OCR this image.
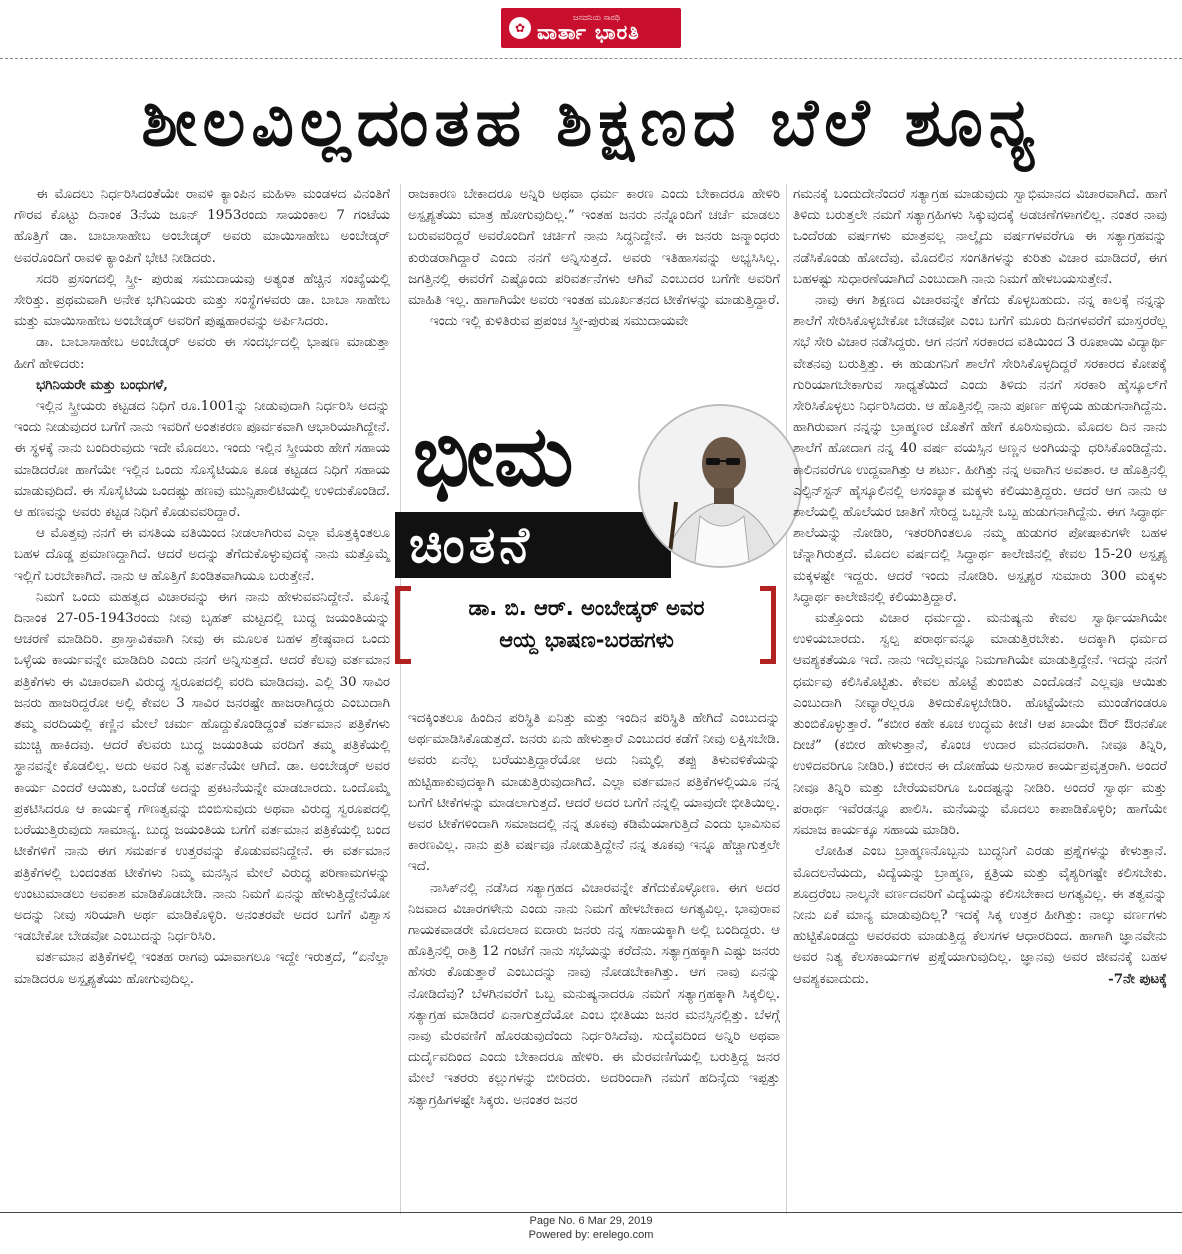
✿
ಜನದನಿಯ ಸಾರಥಿ
ವಾರ್ತಾ ಭಾರತಿ

ಶೀಲವಿಲ್ಲದಂತಹ ಶಿಕ್ಷಣದ ಬೆಲೆ ಶೂನ್ಯ

ಈ ಮೊದಲು ನಿರ್ಧರಿಸಿದಂತೆಯೇ ರಾವಳಿ ಕ್ಯಾಂಪಿನ ಮಹಿಳಾ ಮಂಡಳದ ವಿನಂತಿಗೆ ಗೌರವ ಕೊಟ್ಟು ದಿನಾಂಕ 3ನೆಯ ಜೂನ್ 1953ರಂದು ಸಾಯಂಕಾಲ 7 ಗಂಟೆಯ ಹೊತ್ತಿಗೆ ಡಾ. ಬಾಬಾಸಾಹೇಬ ಅಂಬೇಡ್ಕರ್ ಅವರು ಮಾಯಿಸಾಹೇಬ ಅಂಬೇಡ್ಕರ್ ಅವರೊಂದಿಗೆ ರಾವಳಿ ಕ್ಯಾಂಪಿಗೆ ಭೇಟಿ ನೀಡಿದರು.

ಸದರಿ ಪ್ರಸಂಗದಲ್ಲಿ ಸ್ತ್ರೀ- ಪುರುಷ ಸಮುದಾಯವು ಅತ್ಯಂತ ಹೆಚ್ಚಿನ ಸಂಖ್ಯೆಯಲ್ಲಿ ಸೇರಿತ್ತು. ಪ್ರಥಮವಾಗಿ ಅನೇಕ ಭಗಿನಿಯರು ಮತ್ತು ಸಂಸ್ಥೆಗಳವರು ಡಾ. ಬಾಬಾ ಸಾಹೇಬ ಮತ್ತು ಮಾಯಿಸಾಹೇಬ ಅಂಬೇಡ್ಕರ್ ಅವರಿಗೆ ಪುಷ್ಪಹಾರವನ್ನು ಅರ್ಪಿಸಿದರು.

ಡಾ. ಬಾಬಾಸಾಹೇಬ ಅಂಬೇಡ್ಕರ್ ಅವರು ಈ ಸಂದರ್ಭದಲ್ಲಿ ಭಾಷಣ ಮಾಡುತ್ತಾ ಹೀಗೆ ಹೇಳಿದರು:

ಭಗಿನಿಯರೇ ಮತ್ತು ಬಂಧುಗಳೆ,

ಇಲ್ಲಿನ ಸ್ತ್ರೀಯರು ಕಟ್ಟಡದ ನಿಧಿಗೆ ರೂ.1001ನ್ನು ನೀಡುವುದಾಗಿ ನಿರ್ಧರಿಸಿ ಅದನ್ನು ಇಂದು ನೀಡುವುದರ ಬಗೆಗೆ ನಾನು ಇವರಿಗೆ ಅಂತಃಕರಣ ಪೂರ್ವಕವಾಗಿ ಆಭಾರಿಯಾಗಿದ್ದೇನೆ. ಈ ಸ್ಥಳಕ್ಕೆ ನಾನು ಬಂದಿರುವುದು ಇದೇ ಮೊದಲು. ಇಂದು ಇಲ್ಲಿನ ಸ್ತ್ರೀಯರು ಹೇಗೆ ಸಹಾಯ ಮಾಡಿದರೋ ಹಾಗೆಯೇ ಇಲ್ಲಿನ ಒಂದು ಸೊಸೈಟಿಯೂ ಕೂಡ ಕಟ್ಟಡದ ನಿಧಿಗೆ ಸಹಾಯ ಮಾಡುವುದಿದೆ. ಈ ಸೊಸೈಟಿಯ ಒಂದಷ್ಟು ಹಣವು ಮುನ್ಸಿಪಾಲಿಟಿಯಲ್ಲಿ ಉಳಿದುಕೊಂಡಿದೆ. ಆ ಹಣವನ್ನು ಅವರು ಕಟ್ಟಡ ನಿಧಿಗೆ ಕೊಡುವವರಿದ್ದಾರೆ.

ಆ ಮೊತ್ತವು ನನಗೆ ಈ ವಸತಿಯ ವತಿಯಿಂದ ನೀಡಲಾಗಿರುವ ಎಲ್ಲಾ ಮೊತ್ತಕ್ಕಿಂತಲೂ ಬಹಳ ದೊಡ್ಡ ಪ್ರಮಾಣದ್ದಾಗಿದೆ. ಆದರೆ ಅದನ್ನು ತೆಗೆದುಕೊಳ್ಳುವುದಕ್ಕೆ ನಾನು ಮತ್ತೊಮ್ಮೆ ಇಲ್ಲಿಗೆ ಬರಬೇಕಾಗಿದೆ. ನಾನು ಆ ಹೊತ್ತಿಗೆ ಖಂಡಿತವಾಗಿಯೂ ಬರುತ್ತೇನೆ.

ನಿಮಗೆ ಒಂದು ಮಹತ್ವದ ವಿಚಾರವನ್ನು ಈಗ ನಾನು ಹೇಳುವವನಿದ್ದೇನೆ. ಮೊನ್ನೆ ದಿನಾಂಕ 27-05-1943ರಂದು ನೀವು ಬೃಹತ್ ಮಟ್ಟದಲ್ಲಿ ಬುದ್ಧ ಜಯಂತಿಯನ್ನು ಆಚರಣೆ ಮಾಡಿದಿರಿ. ಪ್ರಾಸ್ತಾವಿಕವಾಗಿ ನೀವು ಈ ಮೂಲಕ ಬಹಳ ಶ್ರೇಷ್ಠವಾದ ಒಂದು ಒಳ್ಳೆಯ ಕಾರ್ಯವನ್ನೇ ಮಾಡಿದಿರಿ ಎಂದು ನನಗೆ ಅನ್ನಿಸುತ್ತದೆ. ಆದರೆ ಕೆಲವು ವರ್ತಮಾನ ಪತ್ರಿಕೆಗಳು ಈ ವಿಚಾರವಾಗಿ ವಿರುದ್ಧ ಸ್ವರೂಪದಲ್ಲಿ ವರದಿ ಮಾಡಿದವು. ಎಲ್ಲಿ 30 ಸಾವಿರ ಜನರು ಹಾಜರಿದ್ದರೋ ಅಲ್ಲಿ ಕೇವಲ 3 ಸಾವಿರ ಜನರಷ್ಟೇ ಹಾಜರಾಗಿದ್ದರು ಎಂಬುದಾಗಿ ತಮ್ಮ ವರದಿಯಲ್ಲಿ ಕಣ್ಣಿನ ಮೇಲೆ ಚರ್ಮ ಹೊದ್ದುಕೊಂಡಿದ್ದಂತೆ ವರ್ತಮಾನ ಪತ್ರಿಕೆಗಳು ಮುಚ್ಚಿ ಹಾಕಿದವು. ಆದರೆ ಕೆಲವರು ಬುದ್ಧ ಜಯಂತಿಯ ವರದಿಗೆ ತಮ್ಮ ಪತ್ರಿಕೆಯಲ್ಲಿ ಸ್ಥಾನವನ್ನೇ ಕೊಡಲಿಲ್ಲ. ಅದು ಅವರ ನಿತ್ಯ ವರ್ತನೆಯೇ ಆಗಿದೆ. ಡಾ. ಅಂಬೇಡ್ಕರ್ ಅವರ ಕಾರ್ಯ ಎಂದರೆ ಆಯಿತು, ಒಂದೆಡೆ ಅದನ್ನು ಪ್ರಕಟನೆಯನ್ನೇ ಮಾಡಬಾರದು. ಒಂದೊಮ್ಮೆ ಪ್ರಕಟಿಸಿದರೂ ಆ ಕಾರ್ಯಕ್ಕೆ ಗೌಣತ್ವವನ್ನು ಬಿಂಬಿಸುವುದು ಅಥವಾ ವಿರುದ್ಧ ಸ್ವರೂಪದಲ್ಲಿ ಬರೆಯುತ್ತಿರುವುದು ಸಾಮಾನ್ಯ. ಬುದ್ಧ ಜಯಂತಿಯ ಬಗೆಗೆ ವರ್ತಮಾನ ಪತ್ರಿಕೆಯಲ್ಲಿ ಬಂದ ಟೀಕೆಗಳಿಗೆ ನಾನು ಈಗ ಸಮರ್ಪಕ ಉತ್ತರವನ್ನು ಕೊಡುವವನಿದ್ದೇನೆ. ಈ ವರ್ತಮಾನ ಪತ್ರಿಕೆಗಳಲ್ಲಿ ಬಂದಂತಹ ಟೀಕೆಗಳು ನಿಮ್ಮ ಮನಸ್ಸಿನ ಮೇಲೆ ವಿರುದ್ಧ ಪರಿಣಾಮಗಳನ್ನು ಉಂಟುಮಾಡಲು ಅವಕಾಶ ಮಾಡಿಕೊಡಬೇಡಿ. ನಾನು ನಿಮಗೆ ಏನನ್ನು ಹೇಳುತ್ತಿದ್ದೇನೆಯೋ ಅದನ್ನು ನೀವು ಸರಿಯಾಗಿ ಅರ್ಥ ಮಾಡಿಕೊಳ್ಳಿರಿ. ಅನಂತರವೇ ಅದರ ಬಗೆಗೆ ವಿಶ್ವಾಸ ಇಡಬೇಕೋ ಬೇಡವೋ ಎಂಬುದನ್ನು ನಿರ್ಧರಿಸಿರಿ.

ವರ್ತಮಾನ ಪತ್ರಿಕೆಗಳಲ್ಲಿ ಇಂತಹ ರಾಗವು ಯಾವಾಗಲೂ ಇದ್ದೇ ಇರುತ್ತದೆ, “ಏನೆಲ್ಲಾ ಮಾಡಿದರೂ ಅಸ್ಪೃಶ್ಯತೆಯು ಹೋಗುವುದಿಲ್ಲ.

ರಾಜಕಾರಣ ಬೇಕಾದರೂ ಅನ್ನಿರಿ ಅಥವಾ ಧರ್ಮ ಕಾರಣ ಎಂದು ಬೇಕಾದರೂ ಹೇಳಿರಿ ಅಸ್ಪೃಶ್ಯತೆಯು ಮಾತ್ರ ಹೋಗುವುದಿಲ್ಲ.” ಇಂತಹ ಜನರು ನನ್ನೊಂದಿಗೆ ಚರ್ಚೆ ಮಾಡಲು ಬರುವವರಿದ್ದರೆ ಅವರೊಂದಿಗೆ ಚರ್ಚಿಗೆ ನಾನು ಸಿದ್ಧನಿದ್ದೇನೆ. ಈ ಜನರು ಜನ್ಮಾಂಧರು ಕುರುಡರಾಗಿದ್ದಾರೆ ಎಂದು ನನಗೆ ಅನ್ನಿಸುತ್ತದೆ. ಅವರು ಇತಿಹಾಸವನ್ನು ಅಭ್ಯಸಿಸಿಲ್ಲ. ಜಗತ್ತಿನಲ್ಲಿ ಈವರೆಗೆ ಎಷ್ಟೊಂದು ಪರಿವರ್ತನೆಗಳು ಆಗಿವೆ ಎಂಬುದರ ಬಗೆಗೇ ಅವರಿಗೆ ಮಾಹಿತಿ ಇಲ್ಲ. ಹಾಗಾಗಿಯೇ ಅವರು ಇಂತಹ ಮೂರ್ಖತನದ ಟೀಕೆಗಳನ್ನು ಮಾಡುತ್ತಿದ್ದಾರೆ.

ಇಂದು ಇಲ್ಲಿ ಕುಳಿತಿರುವ ಪ್ರಪಂಚ ಸ್ತ್ರೀ-ಪುರುಷ ಸಮುದಾಯವೇ

ಭೀಮ
ಚಿಂತನೆ
ಡಾ. ಬಿ. ಆರ್. ಅಂಬೇಡ್ಕರ್ ಅವರ
ಆಯ್ದ ಭಾಷಣ-ಬರಹಗಳು

ಇದಕ್ಕಿಂತಲೂ ಹಿಂದಿನ ಪರಿಸ್ಥಿತಿ ಏನಿತ್ತು ಮತ್ತು ಇಂದಿನ ಪರಿಸ್ಥಿತಿ ಹೇಗಿದೆ ಎಂಬುದನ್ನು ಅರ್ಥಮಾಡಿಸಿಕೊಡುತ್ತದೆ. ಜನರು ಏನು ಹೇಳುತ್ತಾರೆ ಎಂಬುದರ ಕಡೆಗೆ ನೀವು ಲಕ್ಷಿಸಬೇಡಿ. ಅವರು ಏನೆಲ್ಲ ಬರೆಯುತ್ತಿದ್ದಾರೆಯೋ ಅದು ನಿಮ್ಮಲ್ಲಿ ತಪ್ಪು ತಿಳುವಳಿಕೆಯನ್ನು ಹುಟ್ಟಿಹಾಕುವುದಕ್ಕಾಗಿ ಮಾಡುತ್ತಿರುವುದಾಗಿದೆ. ಎಲ್ಲಾ ವರ್ತಮಾನ ಪತ್ರಿಕೆಗಳಲ್ಲಿಯೂ ನನ್ನ ಬಗೆಗೆ ಟೀಕೆಗಳನ್ನು ಮಾಡಲಾಗುತ್ತದೆ. ಆದರೆ ಅದರ ಬಗೆಗೆ ನನ್ನಲ್ಲಿ ಯಾವುದೇ ಭೀತಿಯಿಲ್ಲ. ಅವರ ಟೀಕೆಗಳಿಂದಾಗಿ ಸಮಾಜದಲ್ಲಿ ನನ್ನ ತೂಕವು ಕಡಿಮೆಯಾಗುತ್ತಿದೆ ಎಂದು ಭಾವಿಸುವ ಕಾರಣವಿಲ್ಲ. ನಾನು ಪ್ರತಿ ವರ್ಷವೂ ನೋಡುತ್ತಿದ್ದೇನೆ ನನ್ನ ತೂಕವು ಇನ್ನೂ ಹೆಚ್ಚಾಗುತ್ತಲೇ ಇದೆ.

ನಾಸಿಕ್‌ನಲ್ಲಿ ನಡೆಸಿದ ಸತ್ಯಾಗ್ರಹದ ವಿಚಾರವನ್ನೇ ತೆಗೆದುಕೊಳ್ಳೋಣ. ಈಗ ಅದರ ನಿಜವಾದ ವಿಚಾರಗಳೇನು ಎಂದು ನಾನು ನಿಮಗೆ ಹೇಳಬೇಕಾದ ಅಗತ್ಯವಿಲ್ಲ. ಭಾವುರಾವ ಗಾಯಕವಾಡರೇ ಮೊದಲಾದ ಐದಾರು ಜನರು ನನ್ನ ಸಹಾಯಕ್ಕಾಗಿ ಅಲ್ಲಿ ಬಂದಿದ್ದರು. ಆ ಹೊತ್ತಿನಲ್ಲಿ ರಾತ್ರಿ 12 ಗಂಟೆಗೆ ನಾನು ಸಭೆಯನ್ನು ಕರೆದೆನು. ಸತ್ಯಾಗ್ರಹಕ್ಕಾಗಿ ಎಷ್ಟು ಜನರು ಹೆಸರು ಕೊಡುತ್ತಾರೆ ಎಂಬುದನ್ನು ನಾವು ನೋಡಬೇಕಾಗಿತ್ತು. ಆಗ ನಾವು ಏನನ್ನು ನೋಡಿದೆವು? ಬೆಳಗಿನವರೆಗೆ ಒಬ್ಬ ಮನುಷ್ಯನಾದರೂ ನಮಗೆ ಸತ್ಯಾಗ್ರಹಕ್ಕಾಗಿ ಸಿಕ್ಕಲಿಲ್ಲ. ಸತ್ಯಾಗ್ರಹ ಮಾಡಿದರೆ ಏನಾಗುತ್ತದೆಯೋ ಎಂಬ ಭೀತಿಯು ಜನರ ಮನಸ್ಸಿನಲ್ಲಿತ್ತು. ಬೆಳಗ್ಗೆ ನಾವು ಮೆರವಣಿಗೆ ಹೊರಡುವುದೆಂದು ನಿರ್ಧರಿಸಿದೆವು. ಸುದೈವದಿಂದ ಅನ್ನಿರಿ ಅಥವಾ ದುರ್ದೈವದಿಂದ ಎಂದು ಬೇಕಾದರೂ ಹೇಳಿರಿ. ಈ ಮೆರವಣಿಗೆಯಲ್ಲಿ ಬರುತ್ತಿದ್ದ ಜನರ ಮೇಲೆ ಇತರರು ಕಲ್ಲುಗಳನ್ನು ಬೀರಿದರು. ಅದರಿಂದಾಗಿ ನಮಗೆ ಹದಿನೈದು ಇಪ್ಪತ್ತು ಸತ್ಯಾಗ್ರಹಿಗಳಷ್ಟೇ ಸಿಕ್ಕರು. ಅನಂತರ ಜನರ

ಗಮನಕ್ಕೆ ಬಂದುದೇನೆಂದರೆ ಸತ್ಯಾಗ್ರಹ ಮಾಡುವುದು ಸ್ವಾಭಿಮಾನದ ವಿಚಾರವಾಗಿದೆ. ಹಾಗೆ ತಿಳಿದು ಬರುತ್ತಲೇ ನಮಗೆ ಸತ್ಯಾಗ್ರಹಿಗಳು ಸಿಕ್ಕುವುದಕ್ಕೆ ಅಡಚಣೆಗಳಾಗಲಿಲ್ಲ. ನಂತರ ನಾವು ಒಂದೆರಡು ವರ್ಷಗಳು ಮಾತ್ರವಲ್ಲ ನಾಲ್ಕೈದು ವರ್ಷಗಳವರೆಗೂ ಈ ಸತ್ಯಾಗ್ರಹವನ್ನು ನಡೆಸಿಕೊಂಡು ಹೋದೆವು. ಮೊದಲಿನ ಸಂಗತಿಗಳನ್ನು ಕುರಿತು ವಿಚಾರ ಮಾಡಿದರೆ, ಈಗ ಬಹಳಷ್ಟು ಸುಧಾರಣೆಯಾಗಿದೆ ಎಂಬುದಾಗಿ ನಾನು ನಿಮಗೆ ಹೇಳಬಯಸುತ್ತೇನೆ.

ನಾವು ಈಗ ಶಿಕ್ಷಣದ ವಿಚಾರವನ್ನೇ ತೆಗೆದು ಕೊಳ್ಳಬಹುದು. ನನ್ನ ಕಾಲಕ್ಕೆ ನನ್ನನ್ನು ಶಾಲೆಗೆ ಸೇರಿಸಿಕೊಳ್ಳಬೇಕೋ ಬೇಡವೋ ಎಂಬ ಬಗೆಗೆ ಮೂರು ದಿನಗಳವರೆಗೆ ಮಾಸ್ತರರೆಲ್ಲ ಸಭೆ ಸೇರಿ ವಿಚಾರ ನಡೆಸಿದ್ದರು. ಆಗ ನನಗೆ ಸರಕಾರದ ವತಿಯಿಂದ 3 ರೂಪಾಯಿ ವಿದ್ಯಾರ್ಥಿ ವೇತನವು ಬರುತ್ತಿತ್ತು. ಈ ಹುಡುಗನಿಗೆ ಶಾಲೆಗೆ ಸೇರಿಸಿಕೊಳ್ಳದಿದ್ದರೆ ಸರಕಾರದ ಕೋಪಕ್ಕೆ ಗುರಿಯಾಗಬೇಕಾಗುವ ಸಾಧ್ಯತೆಯಿದೆ ಎಂದು ತಿಳಿದು ನನಗೆ ಸರಕಾರಿ ಹೈಸ್ಕೂಲ್‌ಗೆ ಸೇರಿಸಿಕೊಳ್ಳಲು ನಿರ್ಧರಿಸಿದರು. ಆ ಹೊತ್ತಿನಲ್ಲಿ ನಾನು ಪೂರ್ಣ ಹಳ್ಳಿಯ ಹುಡುಗನಾಗಿದ್ದೆನು. ಹಾಗಿರುವಾಗ ನನ್ನನ್ನು ಬ್ರಾಹ್ಮಣರ ಜೊತೆಗೆ ಹೇಗೆ ಕೂರಿಸುವುದು. ಮೊದಲ ದಿನ ನಾನು ಶಾಲೆಗೆ ಹೋದಾಗ ನನ್ನ 40 ವರ್ಷ ವಯಸ್ಸಿನ ಅಣ್ಣನ ಅಂಗಿಯನ್ನು ಧರಿಸಿಕೊಂಡಿದ್ದೆನು. ಕಾಲಿನವರೆಗೂ ಉದ್ದವಾಗಿತ್ತು ಆ ಶರ್ಟು. ಹೀಗಿತ್ತು ನನ್ನ ಅವಾಗಿನ ಅವತಾರ. ಆ ಹೊತ್ತಿನಲ್ಲಿ ಎಲ್ಫಿನ್‌ಸ್ಟನ್ ಹೈಸ್ಕೂಲಿನಲ್ಲಿ ಅಸಂಖ್ಯಾತ ಮಕ್ಕಳು ಕಲಿಯುತ್ತಿದ್ದರು. ಆದರೆ ಆಗ ನಾನು ಆ ಶಾಲೆಯಲ್ಲಿ ಹೊಲೆಯರ ಜಾತಿಗೆ ಸೇರಿದ್ದ ಒಬ್ಬನೇ ಒಬ್ಬ ಹುಡುಗನಾಗಿದ್ದೆನು. ಈಗ ಸಿದ್ಧಾರ್ಥ ಶಾಲೆಯನ್ನು ನೋಡಿರಿ, ಇತರರಿಗಿಂತಲೂ ನಮ್ಮ ಹುಡುಗರ ಪೋಷಾಕುಗಳೇ ಬಹಳ ಚೆನ್ನಾಗಿರುತ್ತದೆ. ಮೊದಲ ವರ್ಷದಲ್ಲಿ ಸಿದ್ಧಾರ್ಥ ಕಾಲೇಜಿನಲ್ಲಿ ಕೇವಲ 15-20 ಅಸ್ಪೃಶ್ಯ ಮಕ್ಕಳಷ್ಟೇ ಇದ್ದರು. ಆದರೆ ಇಂದು ನೋಡಿರಿ. ಅಸ್ಪೃಶ್ಯರ ಸುಮಾರು 300 ಮಕ್ಕಳು ಸಿದ್ಧಾರ್ಥ ಕಾಲೇಜಿನಲ್ಲಿ ಕಲಿಯುತ್ತಿದ್ದಾರೆ.

ಮತ್ತೊಂದು ವಿಚಾರ ಧರ್ಮದ್ದು. ಮನುಷ್ಯನು ಕೇವಲ ಸ್ವಾರ್ಥಿಯಾಗಿಯೇ ಉಳಿಯಬಾರದು. ಸ್ವಲ್ಪ ಪರಾರ್ಥವನ್ನೂ ಮಾಡುತ್ತಿರಬೇಕು. ಅದಕ್ಕಾಗಿ ಧರ್ಮದ ಆವಶ್ಯಕತೆಯೂ ಇದೆ. ನಾನು ಇದೆಲ್ಲವನ್ನೂ ನಿಮಗಾಗಿಯೇ ಮಾಡುತ್ತಿದ್ದೇನೆ. ಇದನ್ನು ನನಗೆ ಧರ್ಮವು ಕಲಿಸಿಕೊಟ್ಟಿತು. ಕೇವಲ ಹೊಟ್ಟೆ ತುಂಬಿತು ಎಂದೊಡನೆ ಎಲ್ಲವೂ ಆಯಿತು ಎಂಬುದಾಗಿ ನೀವ್ಯಾರೆಲ್ಲರೂ ತಿಳಿದುಕೊಳ್ಳಬೇಡಿರಿ. ಹೊಟ್ಟೆಯೇನು ಮುಂಡೆಗಂಡರೂ ತುಂಬಿಕೊಳ್ಳುತ್ತಾರೆ. “ಕಬೀರ ಕಹೇ ಕೂಚ ಉದ್ಧಮ ಕೀಜೆ। ಆಪ ಖಾಯೇ ಔರ್ ಔರನಕೋ ದೀಜೆ” (ಕಬೀರ ಹೇಳುತ್ತಾನೆ, ಕೊಂಚ ಉದಾರ ಮನದವರಾಗಿ. ನೀವೂ ತಿನ್ನಿರಿ, ಉಳಿದವರಿಗೂ ನೀಡಿರಿ.) ಕಬೀರನ ಈ ದೋಹೆಯ ಅನುಸಾರ ಕಾರ್ಯಪ್ರವೃತ್ತರಾಗಿ. ಅಂದರೆ ನೀವೂ ತಿನ್ನಿರಿ ಮತ್ತು ಬೇರೆಯವರಿಗೂ ಒಂದಷ್ಟನ್ನು ನೀಡಿರಿ. ಅಂದರೆ ಸ್ವಾರ್ಥ ಮತ್ತು ಪರಾರ್ಥ ಇವೆರಡನ್ನೂ ಪಾಲಿಸಿ. ಮನೆಯನ್ನು ಮೊದಲು ಕಾಪಾಡಿಕೊಳ್ಳಿರಿ; ಹಾಗೆಯೇ ಸಮಾಜ ಕಾರ್ಯಕ್ಕೂ ಸಹಾಯ ಮಾಡಿರಿ.

ಲೋಹಿತ ಎಂಬ ಬ್ರಾಹ್ಮಣನೊಬ್ಬನು ಬುದ್ಧನಿಗೆ ಎರಡು ಪ್ರಶ್ನೆಗಳನ್ನು ಕೇಳುತ್ತಾನೆ. ಮೊದಲನೆಯದು, ವಿದ್ಯೆಯನ್ನು ಬ್ರಾಹ್ಮಣ, ಕ್ಷತ್ರಿಯ ಮತ್ತು ವೈಶ್ಯರಿಗಷ್ಟೇ ಕಲಿಸಬೇಕು. ಶೂದ್ರರೆಂಬ ನಾಲ್ಕನೇ ವರ್ಣದವರಿಗೆ ವಿದ್ಯೆಯನ್ನು ಕಲಿಸಬೇಕಾದ ಅಗತ್ಯವಿಲ್ಲ. ಈ ತತ್ವವನ್ನು ನೀನು ಏಕೆ ಮಾನ್ಯ ಮಾಡುವುದಿಲ್ಲ? ಇದಕ್ಕೆ ಸಿಕ್ಕ ಉತ್ತರ ಹೀಗಿತ್ತು: ನಾಲ್ಕು ವರ್ಣಗಳು ಹುಟ್ಟಿಕೊಂಡದ್ದು ಅವರವರು ಮಾಡುತ್ತಿದ್ದ ಕೆಲಸಗಳ ಆಧಾರದಿಂದ. ಹಾಗಾಗಿ ಜ್ಞಾನವೇನು ಅವರ ನಿತ್ಯ ಕೆಲಸಕಾರ್ಯಗಳ ಪ್ರಶ್ನೆಯಾಗುವುದಿಲ್ಲ. ಜ್ಞಾನವು ಅವರ ಜೀವನಕ್ಕೆ ಬಹಳ ಆವಶ್ಯಕವಾದುದು.	-7ನೇ ಪುಟಕ್ಕೆ

Page No. 6 Mar 29, 2019
Powered by: erelego.com
